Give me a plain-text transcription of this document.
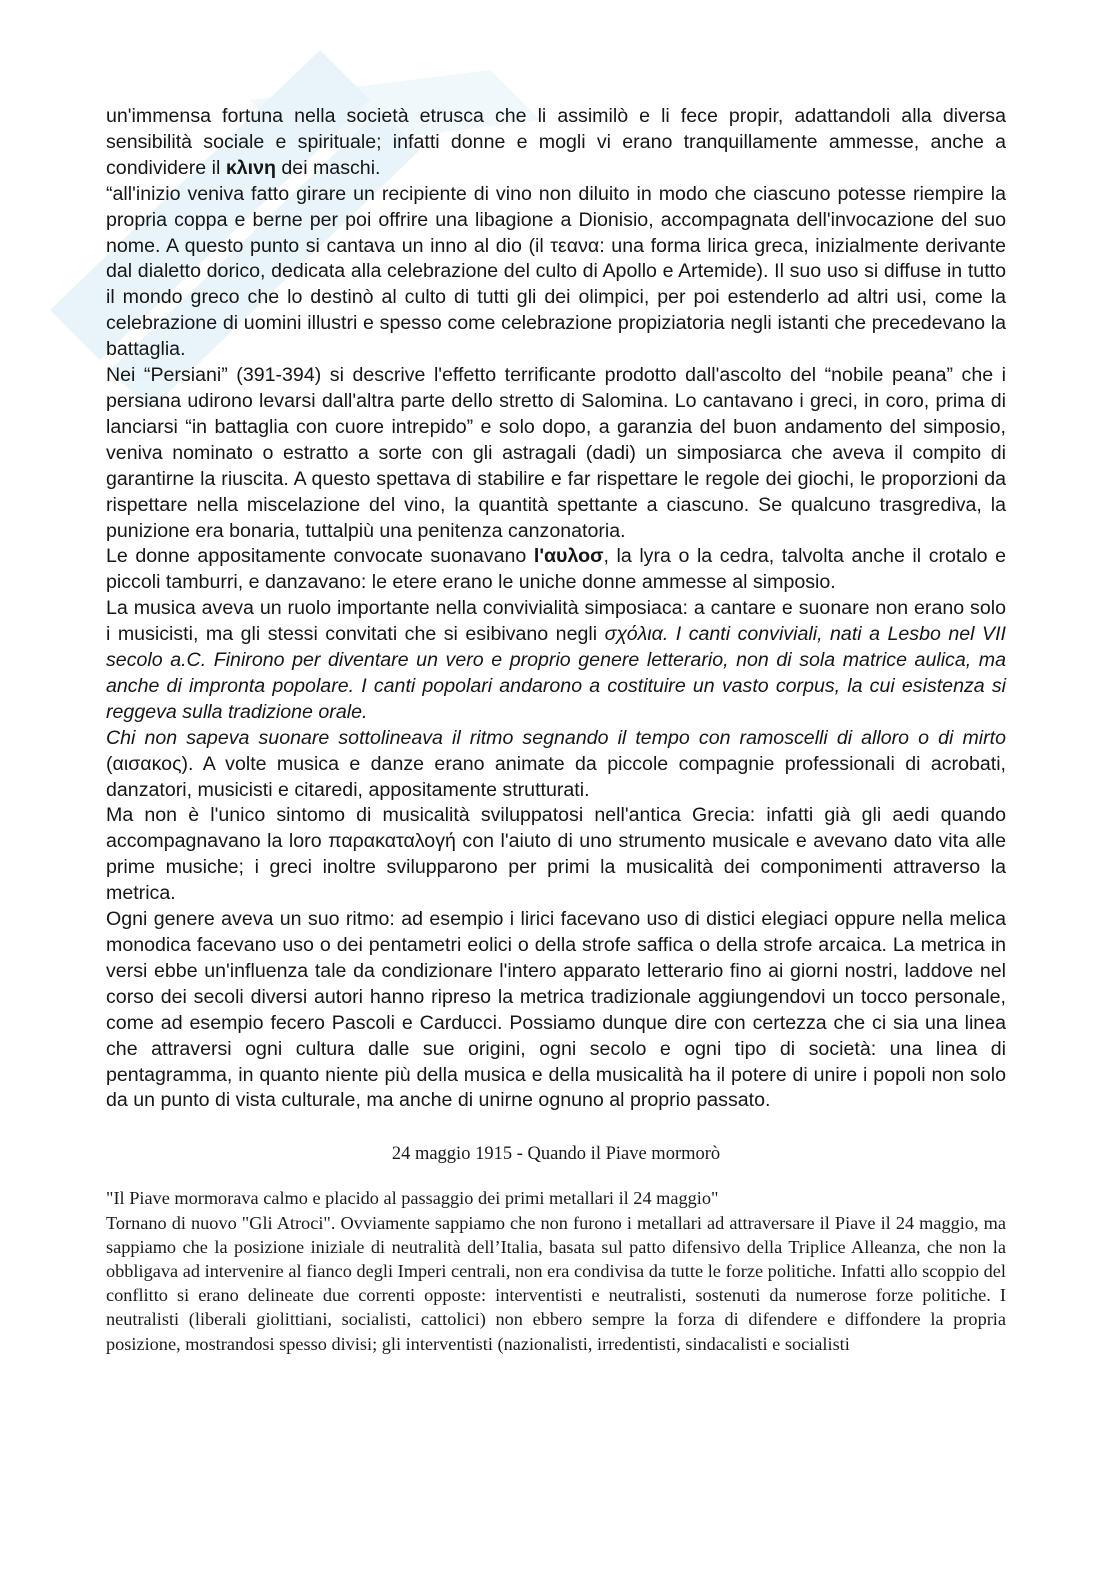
un'immensa fortuna nella società etrusca che li assimilò e li fece propir, adattandoli alla diversa sensibilità sociale e spirituale; infatti donne e mogli vi erano tranquillamente ammesse, anche a condividere il κλινη dei maschi.

“all'inizio veniva fatto girare un recipiente di vino non diluito in modo che ciascuno potesse riempire la propria coppa e berne per poi offrire una libagione a Dionisio, accompagnata dell'invocazione del suo nome. A questo punto si cantava un inno al dio (il τεανα: una forma lirica greca, inizialmente derivante dal dialetto dorico, dedicata alla celebrazione del culto di Apollo e Artemide). Il suo uso si diffuse in tutto il mondo greco che lo destinò al culto di tutti gli dei olimpici, per poi estenderlo ad altri usi, come la celebrazione di uomini illustri e spesso come celebrazione propiziatoria negli istanti che precedevano la battaglia.

Nei “Persiani” (391-394) si descrive l'effetto terrificante prodotto dall'ascolto del “nobile peana” che i persiana udirono levarsi dall'altra parte dello stretto di Salomina. Lo cantavano i greci, in coro, prima di lanciarsi “in battaglia con cuore intrepido” e solo dopo, a garanzia del buon andamento del simposio, veniva nominato o estratto a sorte con gli astragali (dadi) un simposiarca che aveva il compito di garantirne la riuscita. A questo spettava di stabilire e far rispettare le regole dei giochi, le proporzioni da rispettare nella miscelazione del vino, la quantità spettante a ciascuno. Se qualcuno trasgrediva, la punizione era bonaria, tuttalpiù una penitenza canzonatoria.

Le donne appositamente convocate suonavano l'αυλοσ, la lyra o la cedra, talvolta anche il crotalo e piccoli tamburri, e danzavano: le etere erano le uniche donne ammesse al simposio.

La musica aveva un ruolo importante nella convivialità simposiaca: a cantare e suonare non erano solo i musicisti, ma gli stessi convitati che si esibivano negli σχόλια. I canti conviviali, nati a Lesbo nel VII secolo a.C. Finirono per diventare un vero e proprio genere letterario, non di sola matrice aulica, ma anche di impronta popolare. I canti popolari andarono a costituire un vasto corpus, la cui esistenza si reggeva sulla tradizione orale.

Chi non sapeva suonare sottolineava il ritmo segnando il tempo con ramoscelli di alloro o di mirto (αισακος). A volte musica e danze erano animate da piccole compagnie professionali di acrobati, danzatori, musicisti e citaredi, appositamente strutturati.

Ma non è l'unico sintomo di musicalità sviluppatosi nell'antica Grecia: infatti già gli aedi quando accompagnavano la loro παρακαταλογή con l'aiuto di uno strumento musicale e avevano dato vita alle prime musiche; i greci inoltre svilupparono per primi la musicalità dei componimenti attraverso la metrica.

Ogni genere aveva un suo ritmo: ad esempio i lirici facevano uso di distici elegiaci oppure nella melica monodica facevano uso o dei pentametri eolici o della strofe saffica o della strofe arcaica. La metrica in versi ebbe un'influenza tale da condizionare l'intero apparato letterario fino ai giorni nostri, laddove nel corso dei secoli diversi autori hanno ripreso la metrica tradizionale aggiungendovi un tocco personale, come ad esempio fecero Pascoli e Carducci. Possiamo dunque dire con certezza che ci sia una linea che attraversi ogni cultura dalle sue origini, ogni secolo e ogni tipo di società: una linea di pentagramma, in quanto niente più della musica e della musicalità ha il potere di unire i popoli non solo da un punto di vista culturale, ma anche di unirne ognuno al proprio passato.

24 maggio 1915 - Quando il Piave mormorò

"Il Piave mormorava calmo e placido al passaggio dei primi metallari il 24 maggio"

Tornano di nuovo "Gli Atroci". Ovviamente sappiamo che non furono i metallari ad attraversare il Piave il 24 maggio, ma sappiamo che la posizione iniziale di neutralità dell’Italia, basata sul patto difensivo della Triplice Alleanza, che non la obbligava ad intervenire al fianco degli Imperi centrali, non era condivisa da tutte le forze politiche. Infatti allo scoppio del conflitto si erano delineate due correnti opposte: interventisti e neutralisti, sostenuti da numerose forze politiche. I neutralisti (liberali giolittiani, socialisti, cattolici) non ebbero sempre la forza di difendere e diffondere la propria posizione, mostrandosi spesso divisi; gli interventisti (nazionalisti, irredentisti, sindacalisti e socialisti
